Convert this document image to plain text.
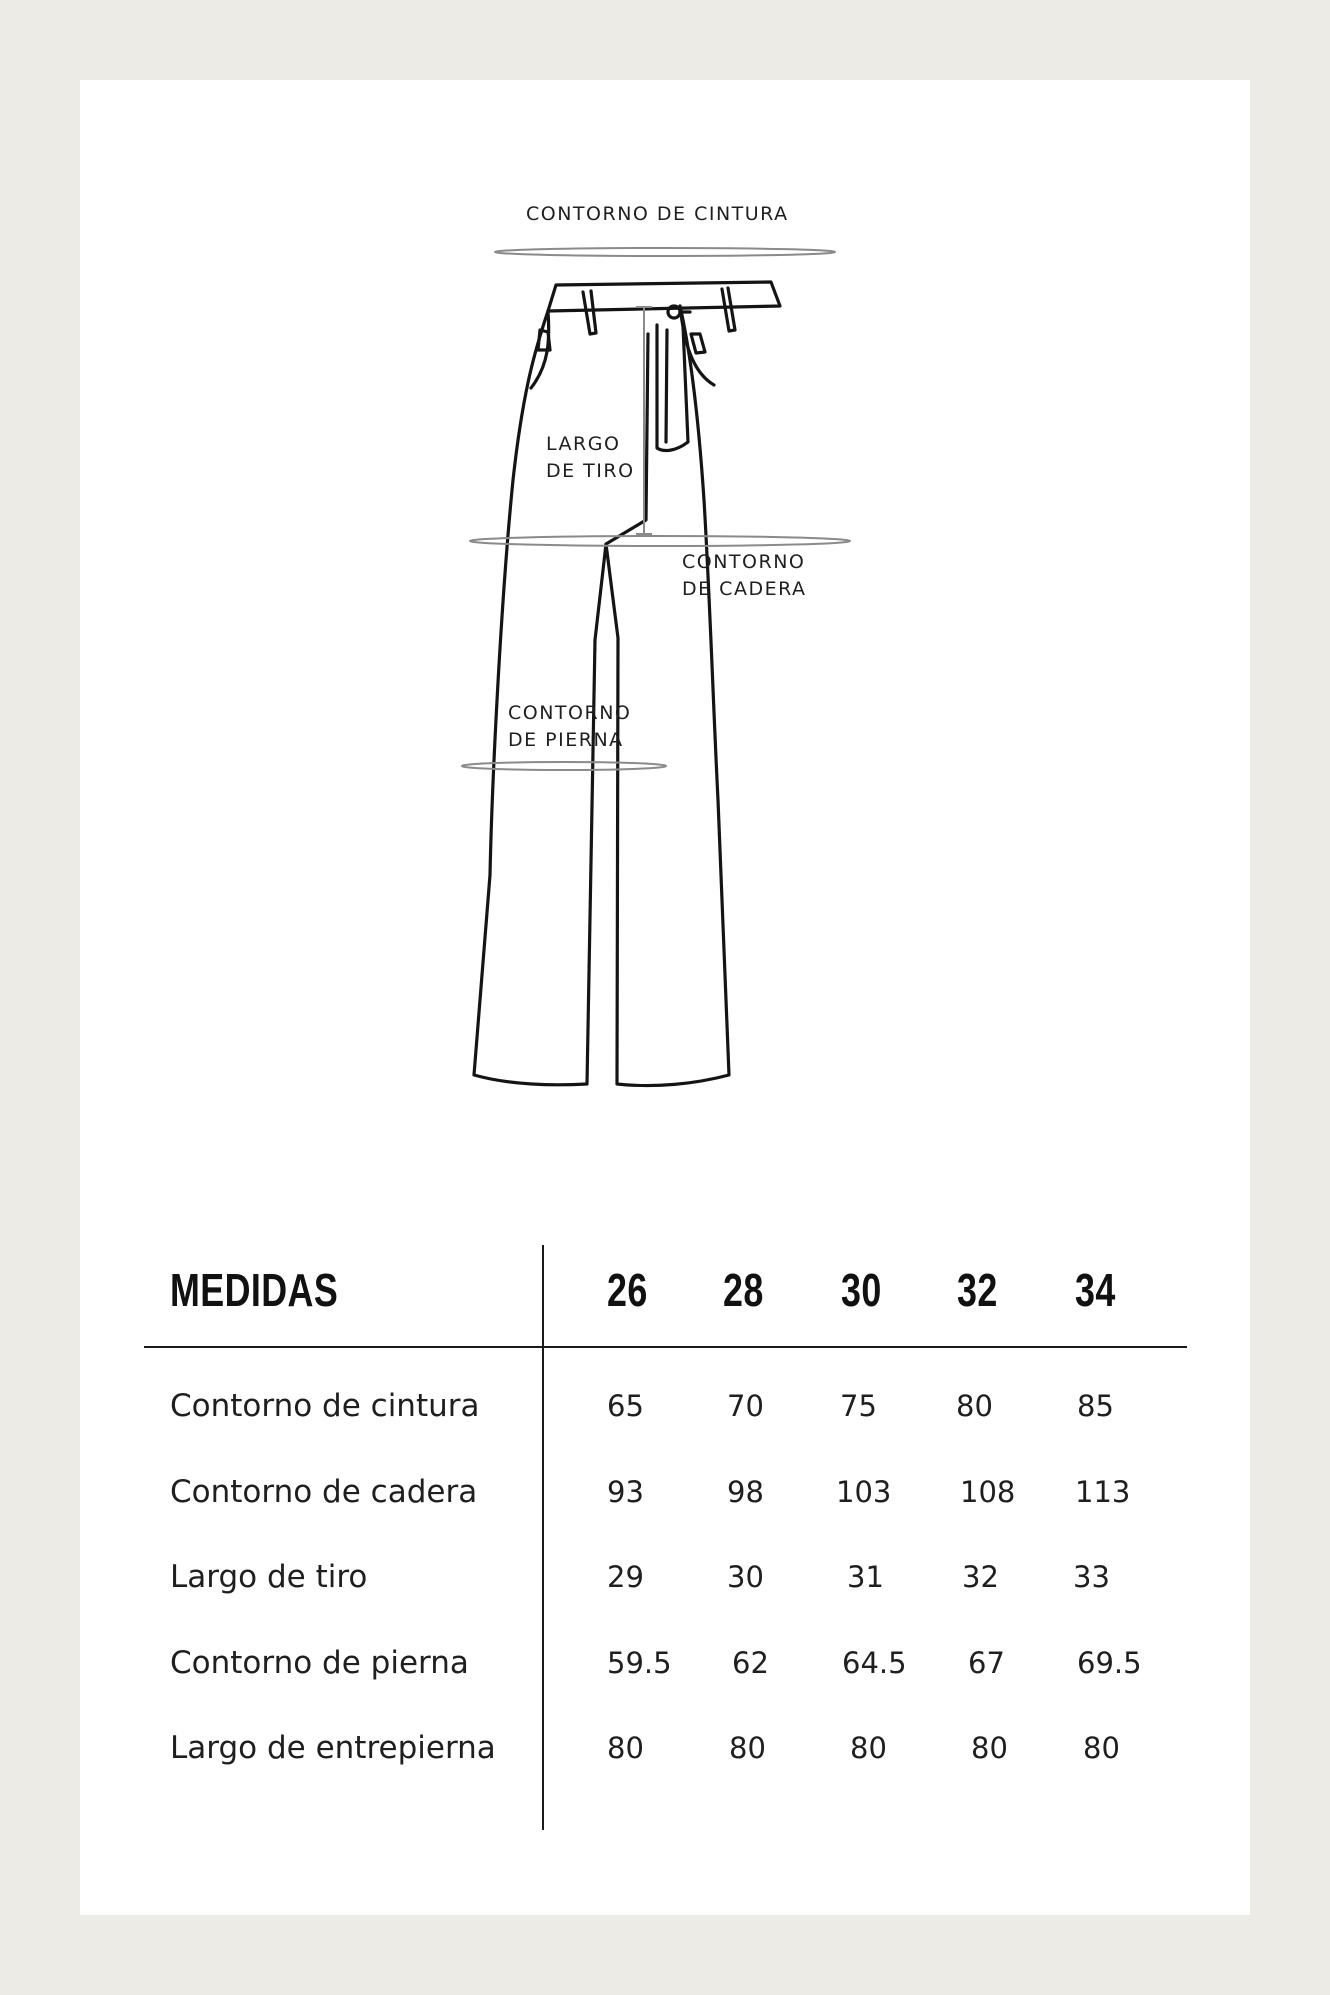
CONTORNO DE CINTURA
LARGO
DE TIRO
CONTORNO
DE CADERA
CONTORNO
DE PIERNA
MEDIDAS	26 28 30 32 34
Contorno de cintura	65	70	75	80	85
Contorno de cadera	93	98 103 108 113
Largo de tiro	29	30	31	32	33
Contorno de pierna	59.5 62	64.5 67 69.5
Largo de entrepierna	80	80	80	80	80
